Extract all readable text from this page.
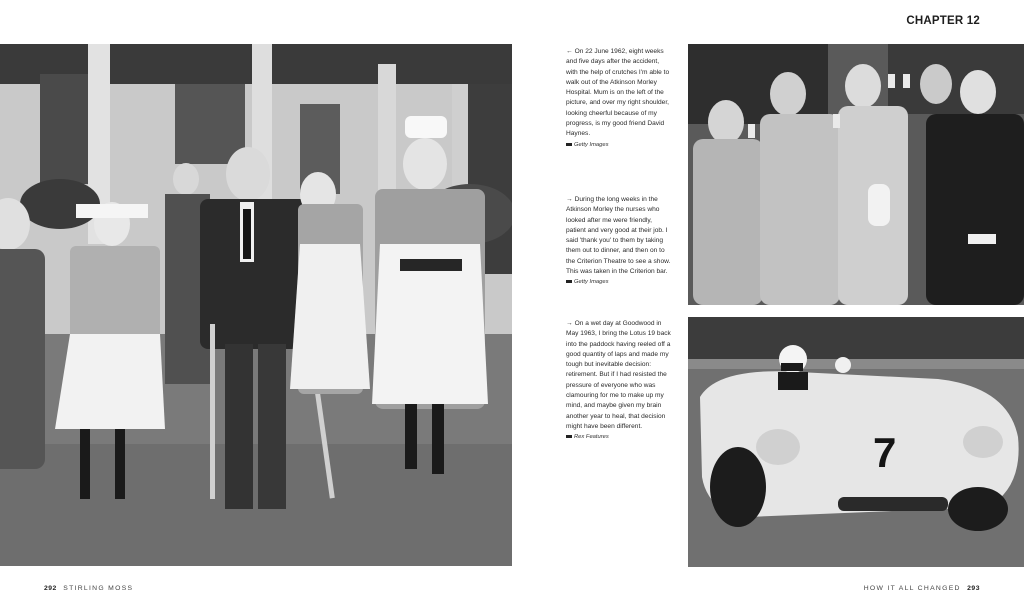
CHAPTER 12

← On 22 June 1962, eight weeks and five days after the accident, with the help of crutches I'm able to walk out of the Atkinson Morley Hospital. Mum is on the left of the picture, and over my right shoulder, looking cheerful because of my progress, is my good friend David Haynes.

Getty Images

→ During the long weeks in the Atkinson Morley the nurses who looked after me were friendly, patient and very good at their job. I said 'thank you' to them by taking them out to dinner, and then on to the Criterion Theatre to see a show. This was taken in the Criterion bar.

Getty Images

→ On a wet day at Goodwood in May 1963, I bring the Lotus 19 back into the paddock having reeled off a good quantity of laps and made my tough but inevitable decision: retirement. But if I had resisted the pressure of everyone who was clamouring for me to make up my mind, and maybe given my brain another year to heal, that decision might have been different.

Rex Features	7
292 STIRLING MOSS	HOW IT ALL CHANGED 293
